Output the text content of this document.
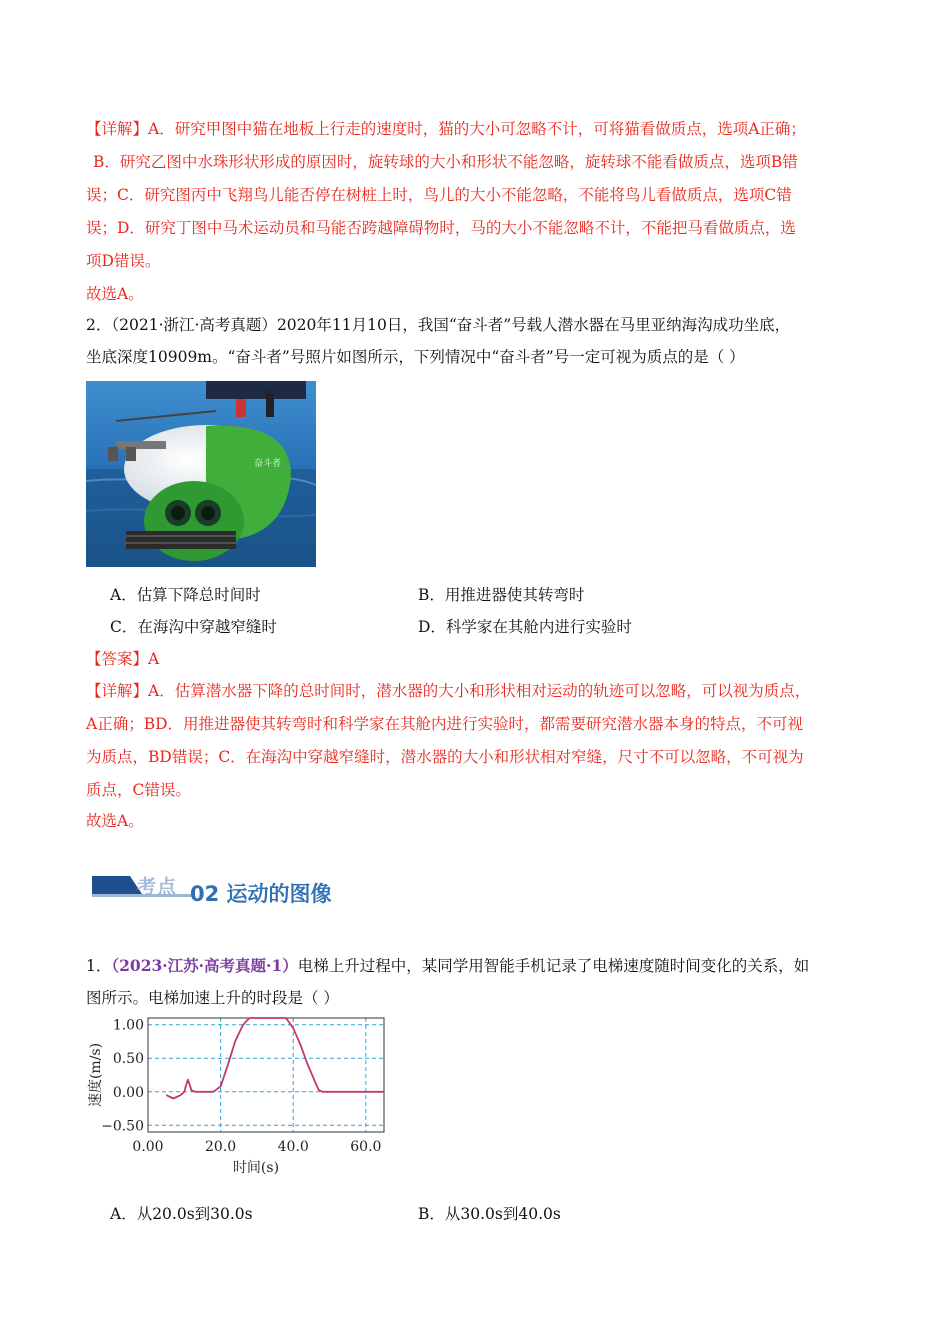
【详解】A．研究甲图中猫在地板上行走的速度时，猫的大小可忽略不计，可将猫看做质点，选项A正确；
B．研究乙图中水珠形状形成的原因时，旋转球的大小和形状不能忽略，旋转球不能看做质点，选项B错
误；C．研究图丙中飞翔鸟儿能否停在树桩上时，鸟儿的大小不能忽略，不能将鸟儿看做质点，选项C错
误；D．研究丁图中马术运动员和马能否跨越障碍物时，马的大小不能忽略不计，不能把马看做质点，选
项D错误。
故选A。
2．（2021·浙江·高考真题）2020年11月10日，我国“奋斗者”号载人潜水器在马里亚纳海沟成功坐底，
坐底深度10909m。“奋斗者”号照片如图所示，下列情况中“奋斗者”号一定可视为质点的是（ ）
奋斗者
A．估算下降总时间时	B．用推进器使其转弯时
C．在海沟中穿越窄缝时	D．科学家在其舱内进行实验时
【答案】A
【详解】A．估算潜水器下降的总时间时，潜水器的大小和形状相对运动的轨迹可以忽略，可以视为质点，
A正确；BD．用推进器使其转弯时和科学家在其舱内进行实验时，都需要研究潜水器本身的特点，不可视
为质点，BD错误；C．在海沟中穿越窄缝时，潜水器的大小和形状相对窄缝，尺寸不可以忽略，不可视为
质点，C错误。
故选A。
考点 02 运动的图像
1．（2023·江苏·高考真题·1）电梯上升过程中，某同学用智能手机记录了电梯速度随时间变化的关系，如
图所示。电梯加速上升的时段是（ ）
1.00
0.50
0.00
−0.50
0.00	20.0	40.0	60.0
时间(s)
速度(m/s)
A．从20.0s到30.0s	B．从30.0s到40.0s
